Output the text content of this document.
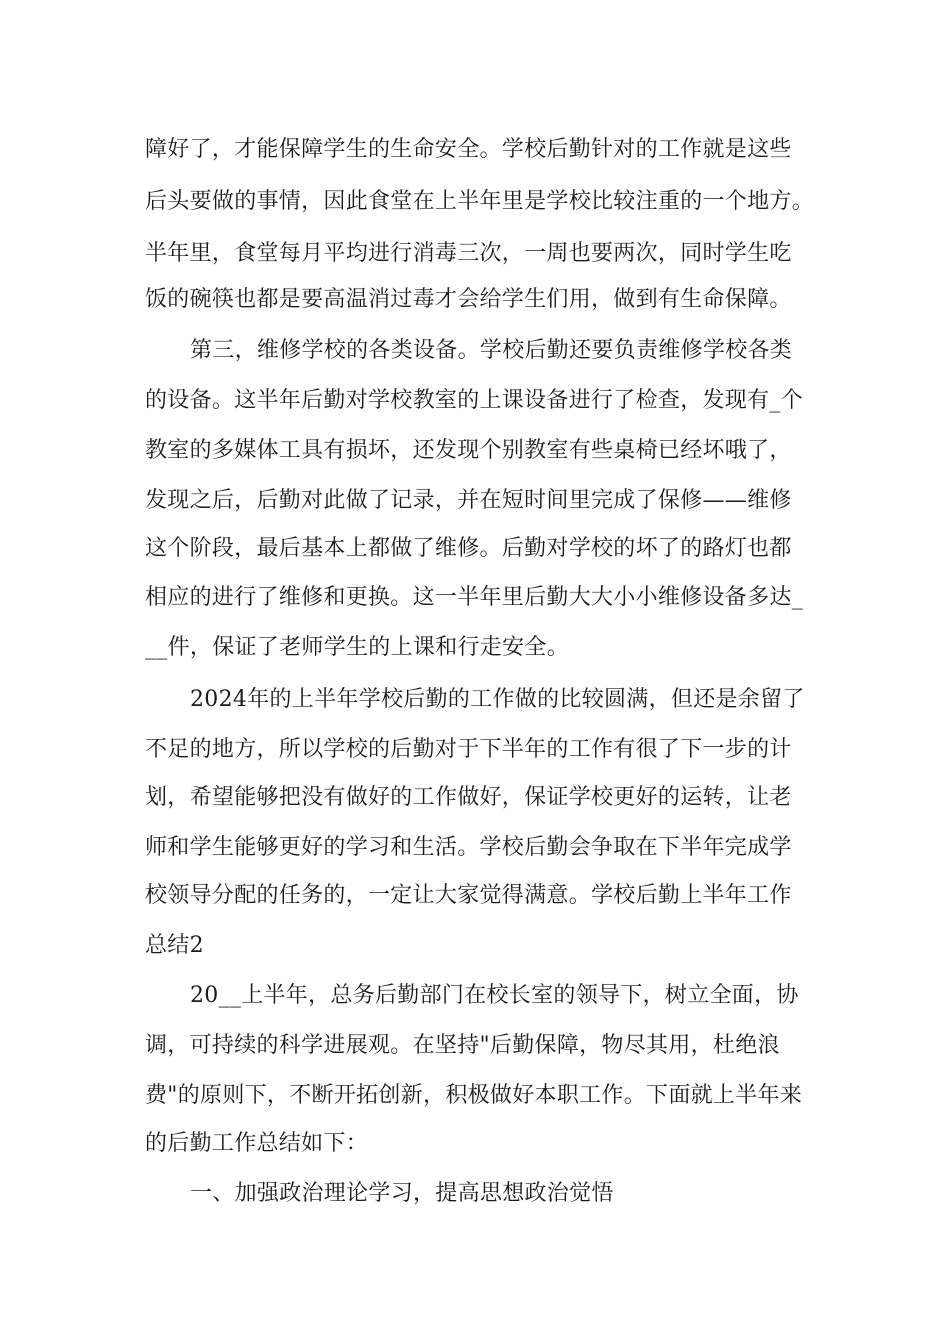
障好了，才能保障学生的生命安全。学校后勤针对的工作就是这些
后头要做的事情，因此食堂在上半年里是学校比较注重的一个地方。
半年里，食堂每月平均进行消毒三次，一周也要两次，同时学生吃
饭的碗筷也都是要高温消过毒才会给学生们用，做到有生命保障。
第三，维修学校的各类设备。学校后勤还要负责维修学校各类
的设备。这半年后勤对学校教室的上课设备进行了检查，发现有_个
教室的多媒体工具有损坏，还发现个别教室有些桌椅已经坏哦了，
发现之后，后勤对此做了记录，并在短时间里完成了保修——维修
这个阶段，最后基本上都做了维修。后勤对学校的坏了的路灯也都
相应的进行了维修和更换。这一半年里后勤大大小小维修设备多达_
__件，保证了老师学生的上课和行走安全。
2024年的上半年学校后勤的工作做的比较圆满，但还是余留了
不足的地方，所以学校的后勤对于下半年的工作有很了下一步的计
划，希望能够把没有做好的工作做好，保证学校更好的运转，让老
师和学生能够更好的学习和生活。学校后勤会争取在下半年完成学
校领导分配的任务的，一定让大家觉得满意。学校后勤上半年工作
总结2
20__上半年，总务后勤部门在校长室的领导下，树立全面，协
调，可持续的科学进展观。在坚持"后勤保障，物尽其用，杜绝浪
费"的原则下，不断开拓创新，积极做好本职工作。下面就上半年来
的后勤工作总结如下：
一、加强政治理论学习，提高思想政治觉悟
